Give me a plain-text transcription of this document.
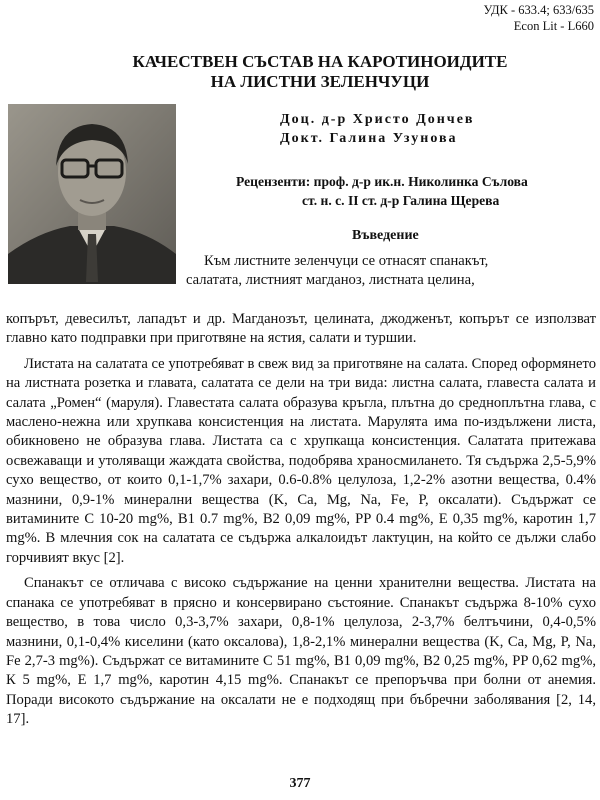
УДК - 633.4; 633/635
Econ Lit - L660
КАЧЕСТВЕН СЪСТАВ НА КАРОТИНОИДИТЕ
НА ЛИСТНИ ЗЕЛЕНЧУЦИ
Доц. д-р Христо Дончев
Докт. Галина Узунова
Рецензенти: проф. д-р ик.н. Николинка Сълова
ст. н. с. II ст. д-р Галина Щерева
Въведение
Към листните зеленчуци се отнасят спанакът,
салатата, листният магданоз, листната целина,

копърът, девесилът, лападът и др. Магданозът, целината, джодженът, копърът се използват главно като подправки при приготвяне на ястия, салати и туршии.

Листата на салатата се употребяват в свеж вид за приготвяне на салата. Според оформянето на листната розетка и главата, салатата се дели на три вида: листна салата, главеста салата и салата „Ромен“ (маруля). Главестата салата образува кръгла, плътна до средноплътна глава, с маслено-нежна или хрупкава консистенция на листата. Марулята има по-издължени листа, обикновено не образува глава. Листата са с хрупкаща консистенция. Салатата притежава освежаващи и утоляващи жаждата свойства, подобрява храносмилането. Тя съдържа 2,5-5,9% сухо вещество, от които 0,1-1,7% захари, 0.6-0.8% целулоза, 1,2-2% азотни вещества, 0.4% мазнини, 0,9-1% минерални вещества (K, Ca, Mg, Na, Fe, P, оксалати). Съдържат се витамините С 10-20 mg%, B1 0.7 mg%, B2 0,09 mg%, PP 0.4 mg%, Е 0,35 mg%, каротин 1,7 mg%. В млечния сок на салатата се съдържа алкалоидът лактуцин, на който се дължи слабо горчивият вкус [2].

Спанакът се отличава с високо съдържание на ценни хранителни вещества. Листата на спанака се употребяват в прясно и консервирано състояние. Спанакът съдържа 8-10% сухо вещество, в това число 0,3-3,7% захари, 0,8-1% целулоза, 2-3,7% белтъчини, 0,4-0,5% мазнини, 0,1-0,4% киселини (като оксалова), 1,8-2,1% минерални вещества (K, Ca, Mg, P, Na, Fe 2,7-3 mg%). Съдържат се витамините С 51 mg%, B1 0,09 mg%, B2 0,25 mg%, PP 0,62 mg%, К 5 mg%, Е 1,7 mg%, каротин 4,15 mg%. Спанакът се препоръчва при болни от анемия. Поради високото съдържание на оксалати не е подходящ при бъбречни заболявания [2, 14, 17].

377
